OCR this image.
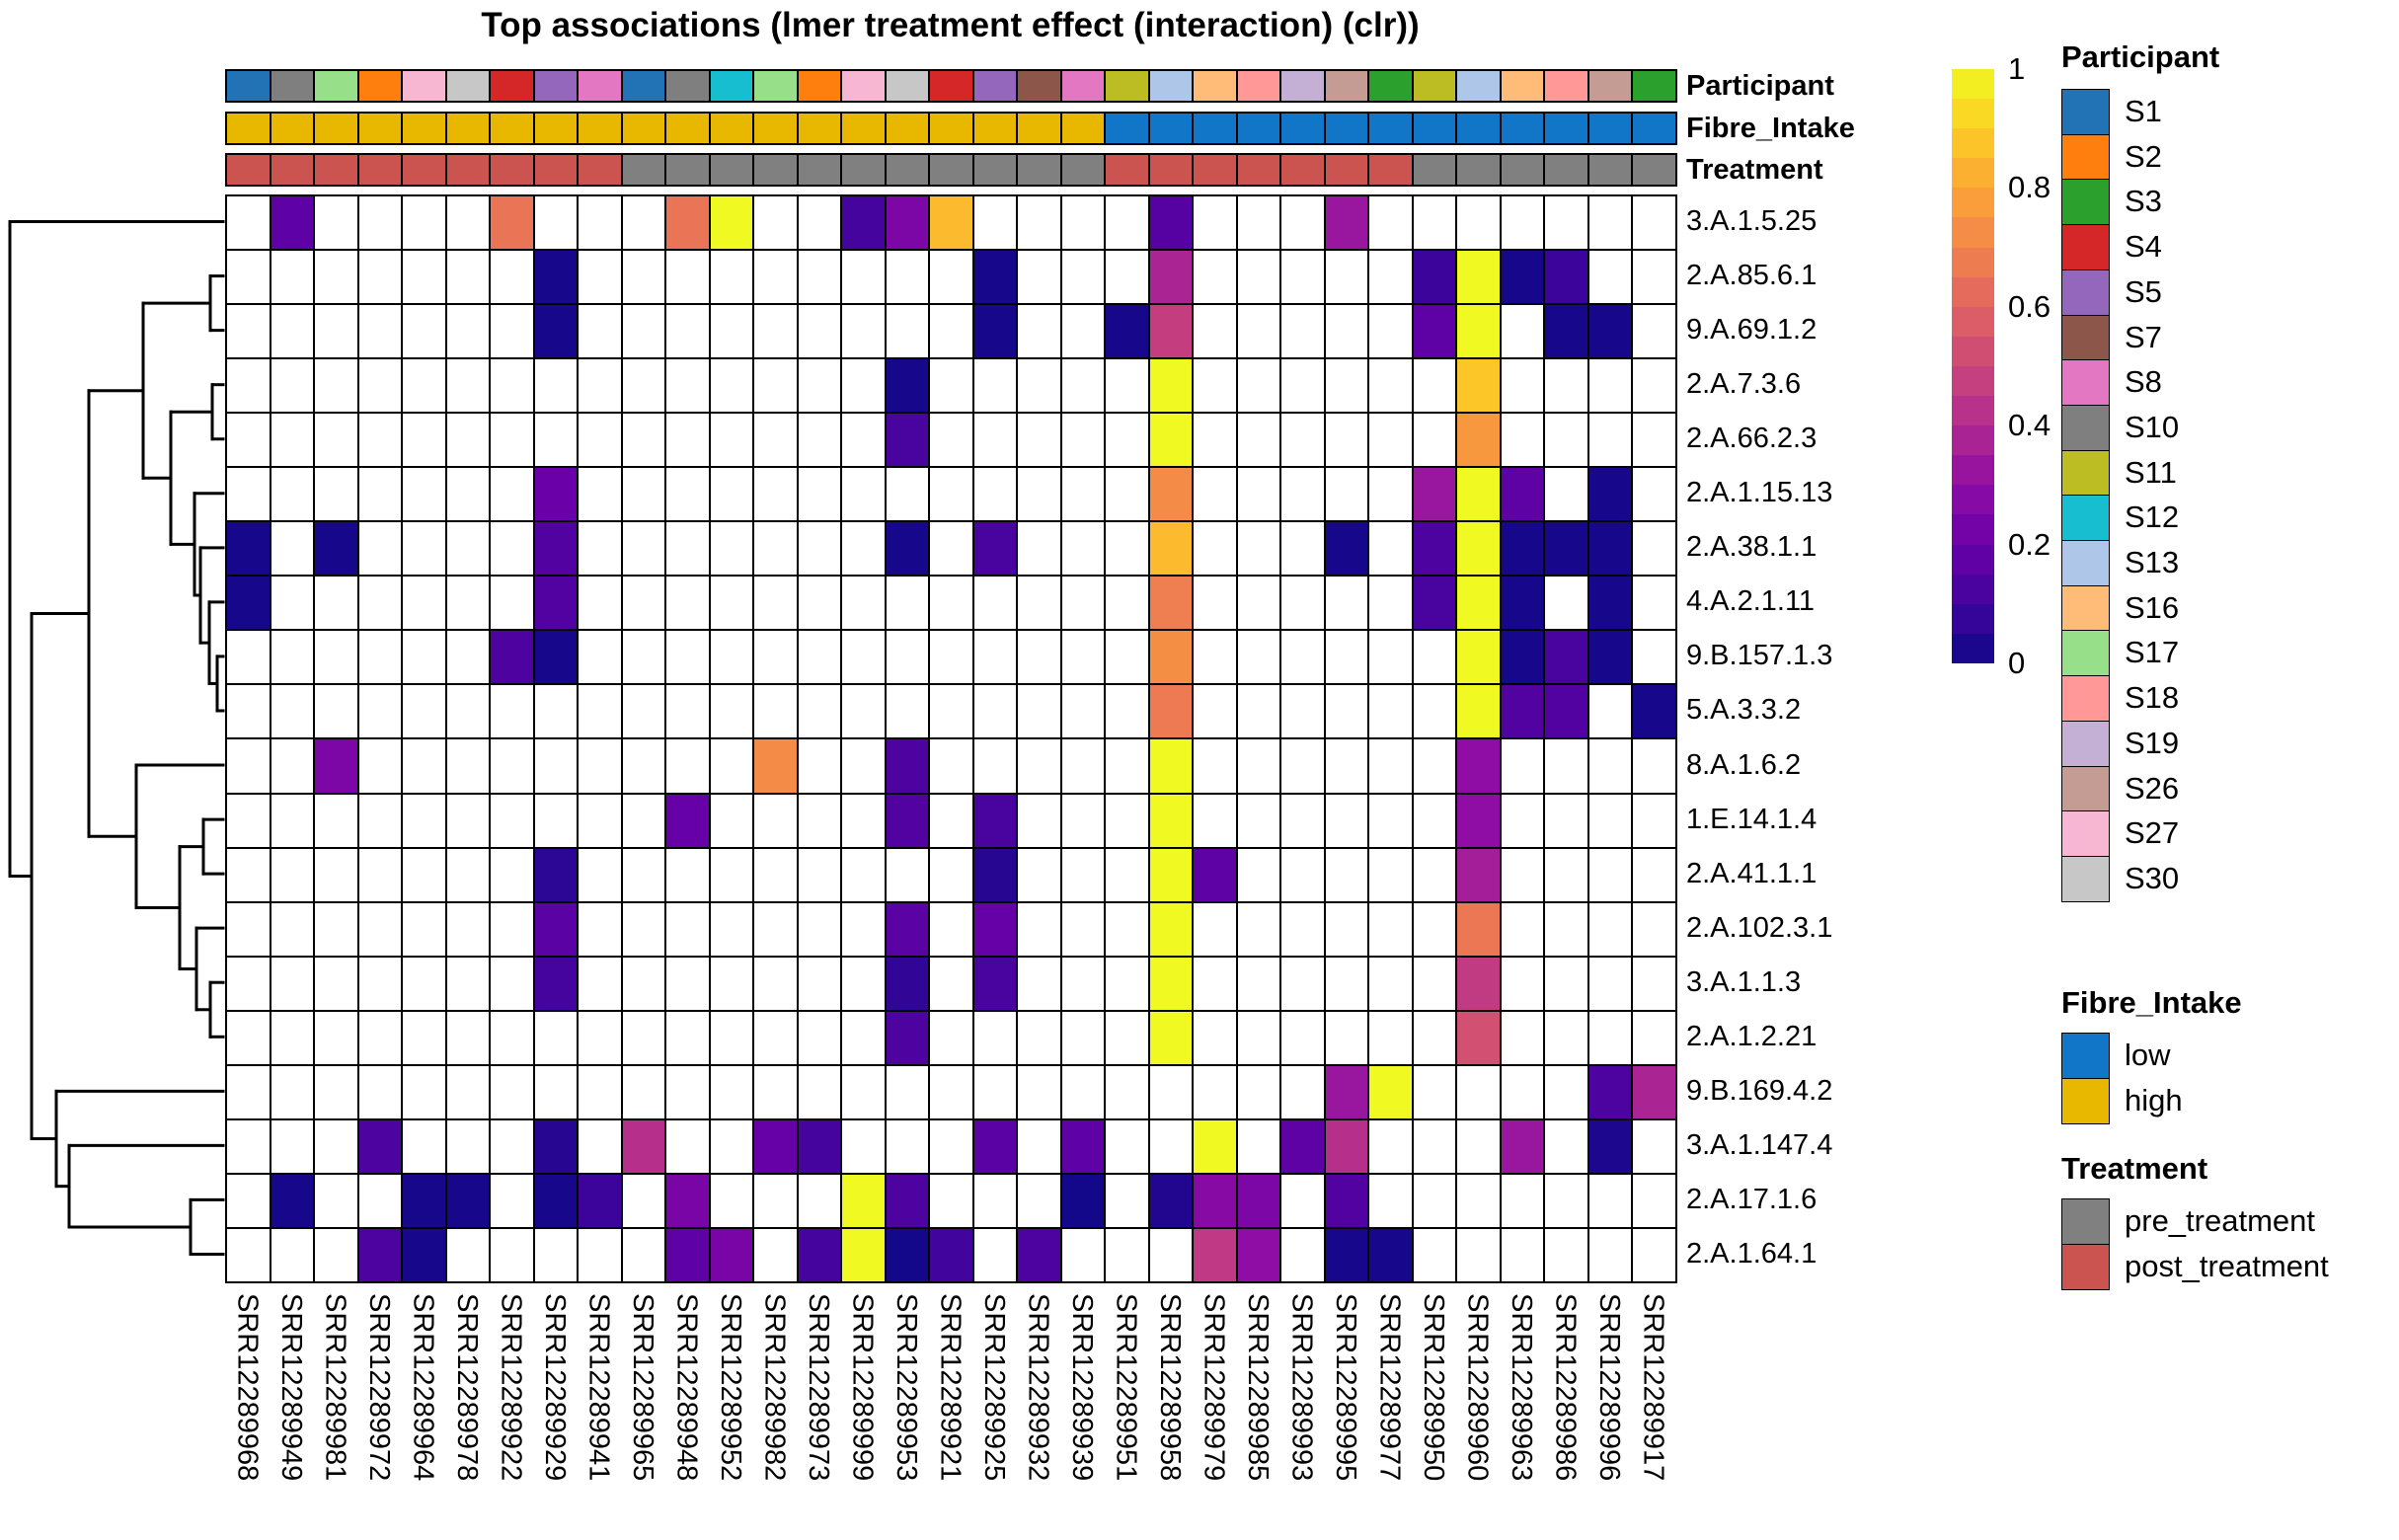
Top associations (lmer treatment effect (interaction) (clr))
Participant
Fibre_Intake
Treatment
3.A.1.5.25
2.A.85.6.1
9.A.69.1.2
2.A.7.3.6
2.A.66.2.3
2.A.1.15.13
2.A.38.1.1
4.A.2.1.11
9.B.157.1.3
5.A.3.3.2
8.A.1.6.2
1.E.14.1.4
2.A.41.1.1
2.A.102.3.1
3.A.1.1.3
2.A.1.2.21
9.B.169.4.2
3.A.1.147.4
2.A.17.1.6
2.A.1.64.1
SRR12289968 SRR12289949 SRR12289981 SRR12289972 SRR12289964 SRR12289978 SRR12289922 SRR12289929 SRR12289941 SRR12289965 SRR12289948 SRR12289952 SRR12289982 SRR12289973 SRR12289999 SRR12289953 SRR12289921 SRR12289925 SRR12289932 SRR12289939 SRR12289951 SRR12289958 SRR12289979 SRR12289985 SRR12289993 SRR12289995 SRR12289977 SRR12289950 SRR12289960 SRR12289963 SRR12289986 SRR12289996 SRR12289917
1
0.8
0.6
0.4
0.2
0
Participant
S1
S2
S3
S4
S5
S7
S8
S10
S11
S12
S13
S16
S17
S18
S19
S26
S27
S30
Fibre_Intake
low
high
Treatment
pre_treatment
post_treatment
